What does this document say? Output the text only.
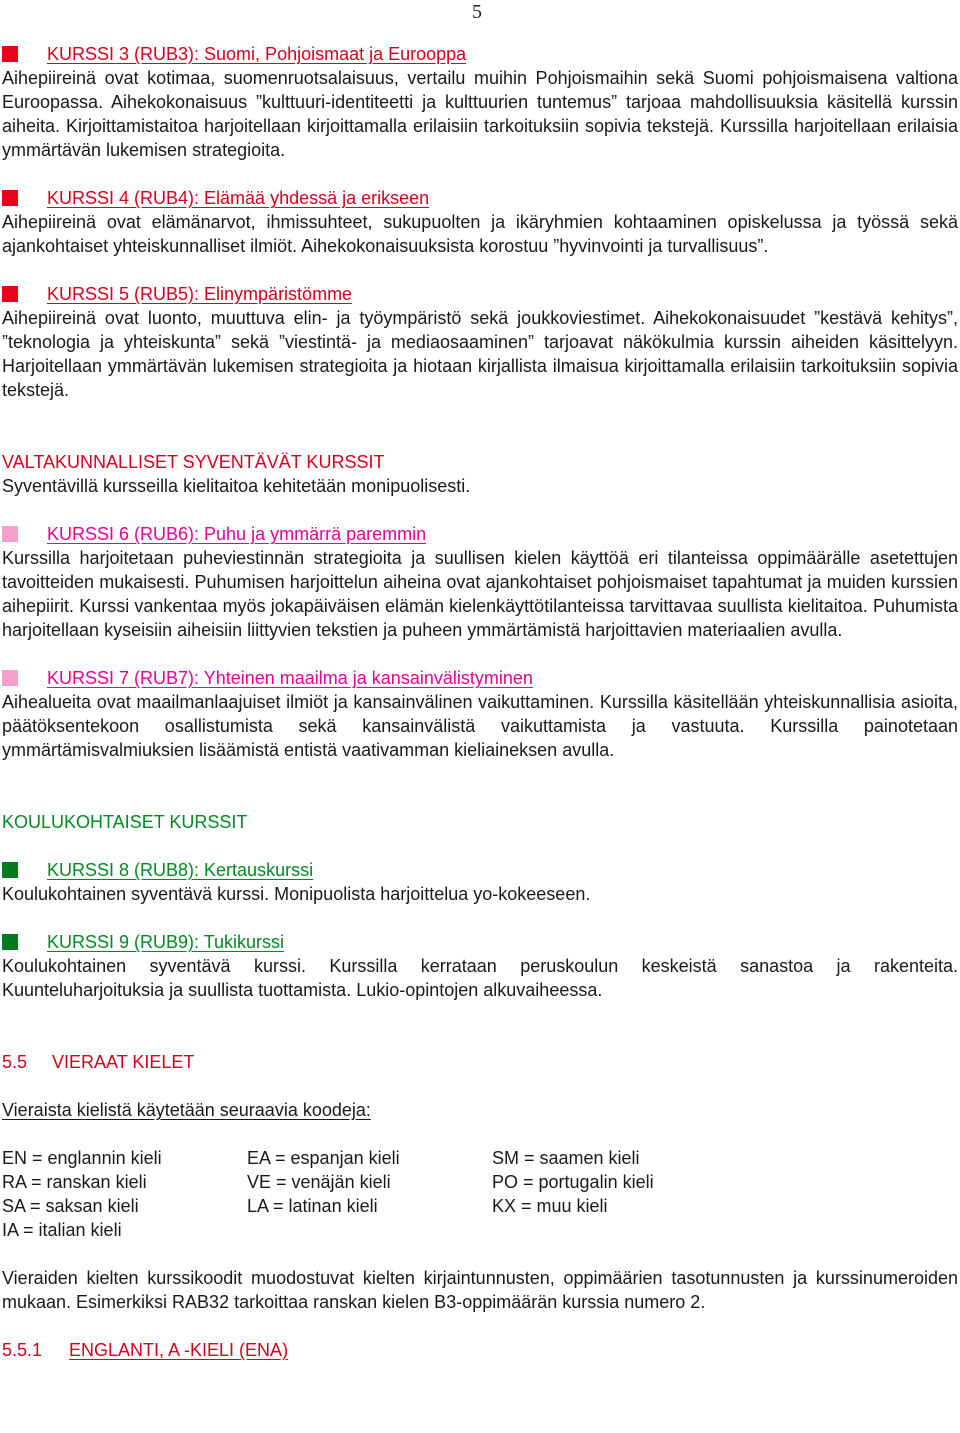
5
KURSSI 3 (RUB3): Suomi, Pohjoismaat ja Eurooppa

Aihepiireinä ovat kotimaa, suomenruotsalaisuus, vertailu muihin Pohjoismaihin sekä Suomi pohjoismaisena valtiona Euroopassa. Aihekokonaisuus ”kulttuuri-identiteetti ja kulttuurien tuntemus” tarjoaa mahdollisuuksia käsitellä kurssin aiheita. Kirjoittamistaitoa harjoitellaan kirjoittamalla erilaisiin tarkoituksiin sopivia tekstejä. Kurssilla harjoitellaan erilaisia ymmärtävän lukemisen strategioita.

KURSSI 4 (RUB4): Elämää yhdessä ja erikseen

Aihepiireinä ovat elämänarvot, ihmissuhteet, sukupuolten ja ikäryhmien kohtaaminen opiskelussa ja työssä sekä ajankohtaiset yhteiskunnalliset ilmiöt. Aihekokonaisuuksista korostuu ”hyvinvointi ja turvallisuus”.

KURSSI 5 (RUB5): Elinympäristömme

Aihepiireinä ovat luonto, muuttuva elin- ja työympäristö sekä joukkoviestimet. Aihekokonaisuudet ”kestävä kehitys”, ”teknologia ja yhteiskunta” sekä ”viestintä- ja mediaosaaminen” tarjoavat näkökulmia kurssin aiheiden käsittelyyn. Harjoitellaan ymmärtävän lukemisen strategioita ja hiotaan kirjallista ilmaisua kirjoittamalla erilaisiin tarkoituksiin sopivia tekstejä.

VALTAKUNNALLISET SYVENTÄVÄT KURSSIT

Syventävillä kursseilla kielitaitoa kehitetään monipuolisesti.

KURSSI 6 (RUB6): Puhu ja ymmärrä paremmin

Kurssilla harjoitetaan puheviestinnän strategioita ja suullisen kielen käyttöä eri tilanteissa oppimäärälle asetettujen tavoitteiden mukaisesti. Puhumisen harjoittelun aiheina ovat ajankohtaiset pohjoismaiset tapahtumat ja muiden kurssien aihepiirit. Kurssi vankentaa myös jokapäiväisen elämän kielenkäyttötilanteissa tarvittavaa suullista kielitaitoa. Puhumista harjoitellaan kyseisiin aiheisiin liittyvien tekstien ja puheen ymmärtämistä harjoittavien materiaalien avulla.

KURSSI 7 (RUB7): Yhteinen maailma ja kansainvälistyminen

Aihealueita ovat maailmanlaajuiset ilmiöt ja kansainvälinen vaikuttaminen. Kurssilla käsitellään yhteiskunnallisia asioita, päätöksentekoon osallistumista sekä kansainvälistä vaikuttamista ja vastuuta. Kurssilla painotetaan ymmärtämisvalmiuksien lisäämistä entistä vaativamman kieliaineksen avulla.

KOULUKOHTAISET KURSSIT
KURSSI 8 (RUB8): Kertauskurssi

Koulukohtainen syventävä kurssi. Monipuolista harjoittelua yo-kokeeseen.

KURSSI 9 (RUB9): Tukikurssi

Koulukohtainen syventävä kurssi. Kurssilla kerrataan peruskoulun keskeistä sanastoa ja rakenteita. Kuunteluharjoituksia ja suullista tuottamista. Lukio-opintojen alkuvaiheessa.

5.5 VIERAAT KIELET

Vieraista kielistä käytetään seuraavia koodeja:

EN = englannin kieli	EA = espanjan kieli	SM = saamen kieli
RA = ranskan kieli	VE = venäjän kieli	PO = portugalin kieli
SA = saksan kieli	LA = latinan kieli	KX = muu kieli
IA = italian kieli

Vieraiden kielten kurssikoodit muodostuvat kielten kirjaintunnusten, oppimäärien tasotunnusten ja kurssinumeroiden mukaan. Esimerkiksi RAB32 tarkoittaa ranskan kielen B3-oppimäärän kurssia numero 2.

5.5.1 ENGLANTI, A -KIELI (ENA)
